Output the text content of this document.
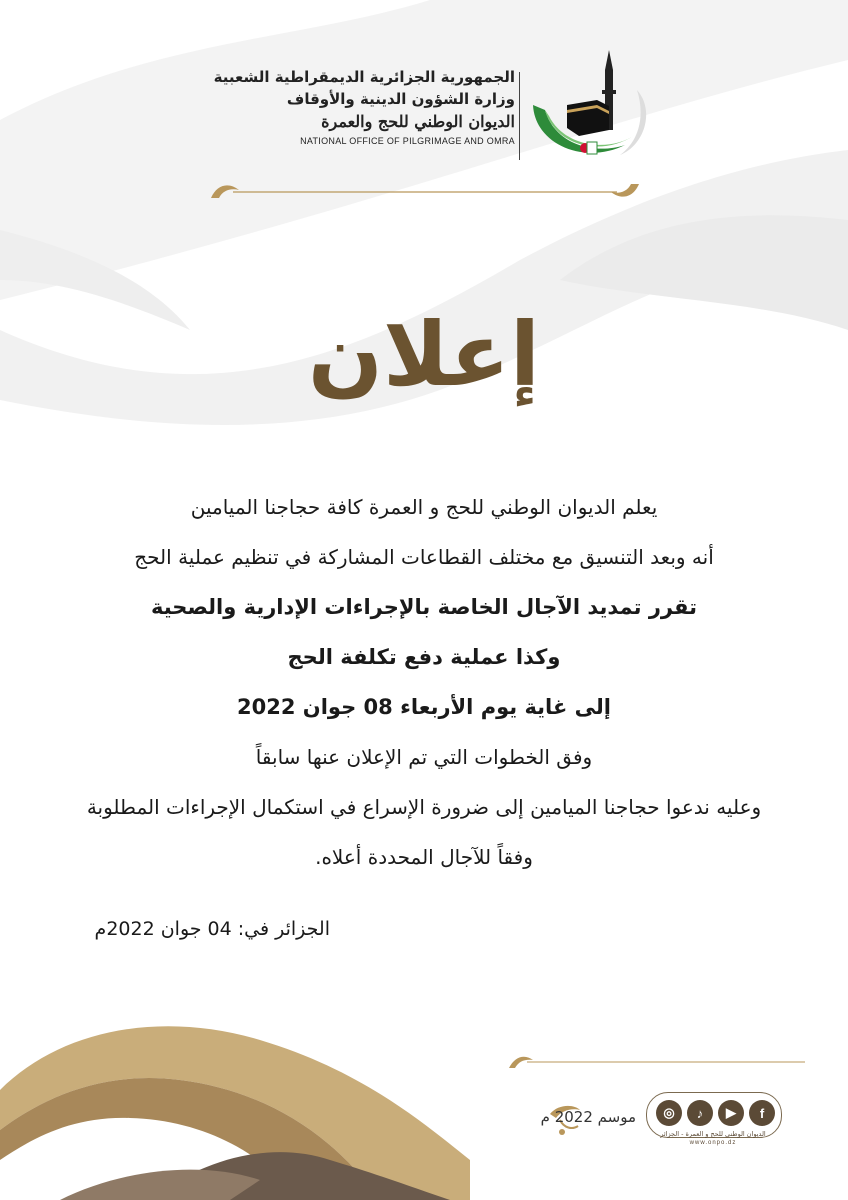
الجمهورية الجزائرية الديمقراطية الشعبية
وزارة الشؤون الدينية والأوقاف
الديوان الوطني للحج والعمرة
NATIONAL OFFICE OF PILGRIMAGE AND OMRA
إعلان
يعلم الديوان الوطني للحج و العمرة كافة حجاجنا الميامين
أنه وبعد التنسيق مع مختلف القطاعات المشاركة في تنظيم عملية الحج
تقرر تمديد الآجال الخاصة بالإجراءات الإدارية والصحية
وكذا عملية دفع تكلفة الحج
إلى غاية يوم الأربعاء 08 جوان 2022
وفق الخطوات التي تم الإعلان عنها سابقاً
وعليه ندعوا حجاجنا الميامين إلى ضرورة الإسراع في استكمال الإجراءات المطلوبة
وفقاً للآجال المحددة أعلاه.
الجزائر في: 04 جوان 2022م
موسم 2022 م	◎	♪	▶	f
الديوان الوطني للحج و العمرة - الجزائر
www.onpo.dz
